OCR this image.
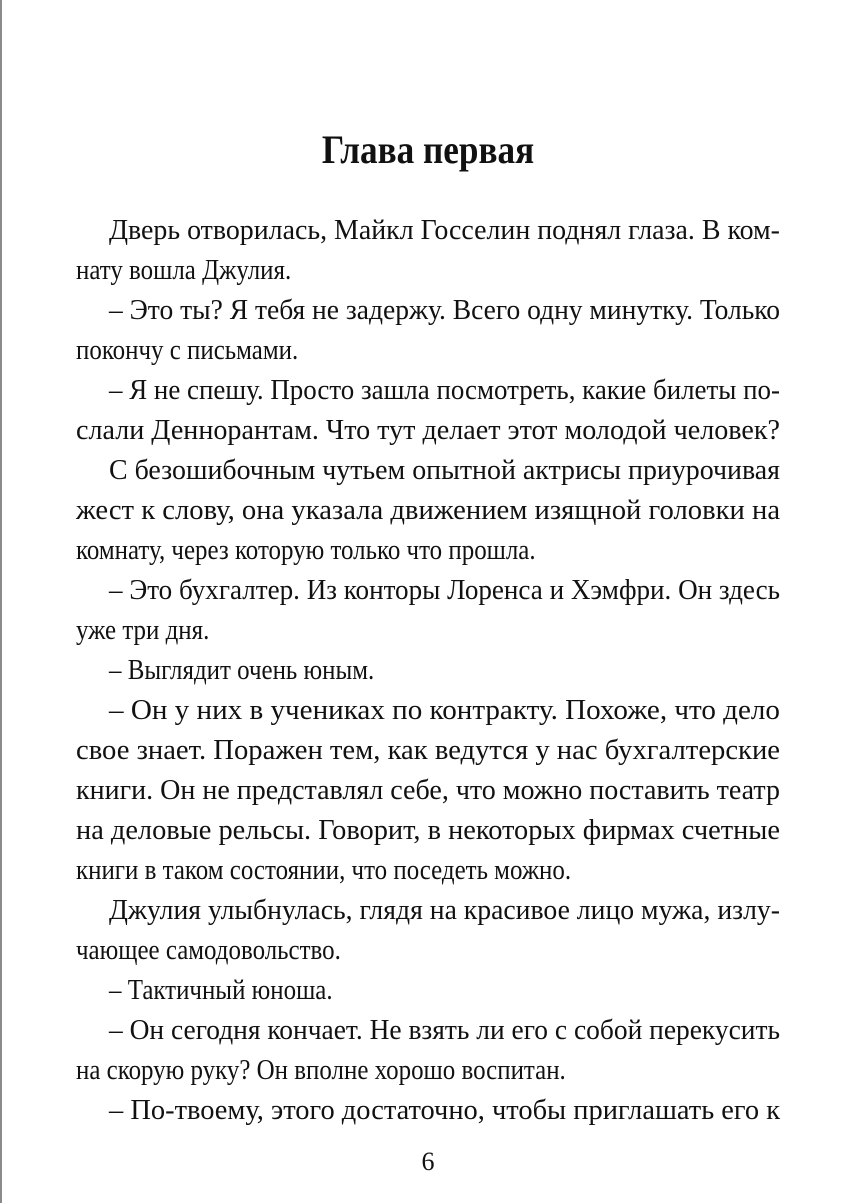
Глава первая
Дверь отворилась, Майкл Госселин поднял глаза. В ком-
нату вошла Джулия.
– Это ты? Я тебя не задержу. Всего одну минутку. Только
покончу с письмами.
– Я не спешу. Просто зашла посмотреть, какие билеты по-
слали Деннорантам. Что тут делает этот молодой человек?
С безошибочным чутьем опытной актрисы приурочивая
жест к слову, она указала движением изящной головки на
комнату, через которую только что прошла.
– Это бухгалтер. Из конторы Лоренса и Хэмфри. Он здесь
уже три дня.
– Выглядит очень юным.
– Он у них в учениках по контракту. Похоже, что дело
свое знает. Поражен тем, как ведутся у нас бухгалтерские
книги. Он не представлял себе, что можно поставить театр
на деловые рельсы. Говорит, в некоторых фирмах счетные
книги в таком состоянии, что поседеть можно.
Джулия улыбнулась, глядя на красивое лицо мужа, излу-
чающее самодовольство.
– Тактичный юноша.
– Он сегодня кончает. Не взять ли его с собой перекусить
на скорую руку? Он вполне хорошо воспитан.
– По-твоему, этого достаточно, чтобы приглашать его к
6
